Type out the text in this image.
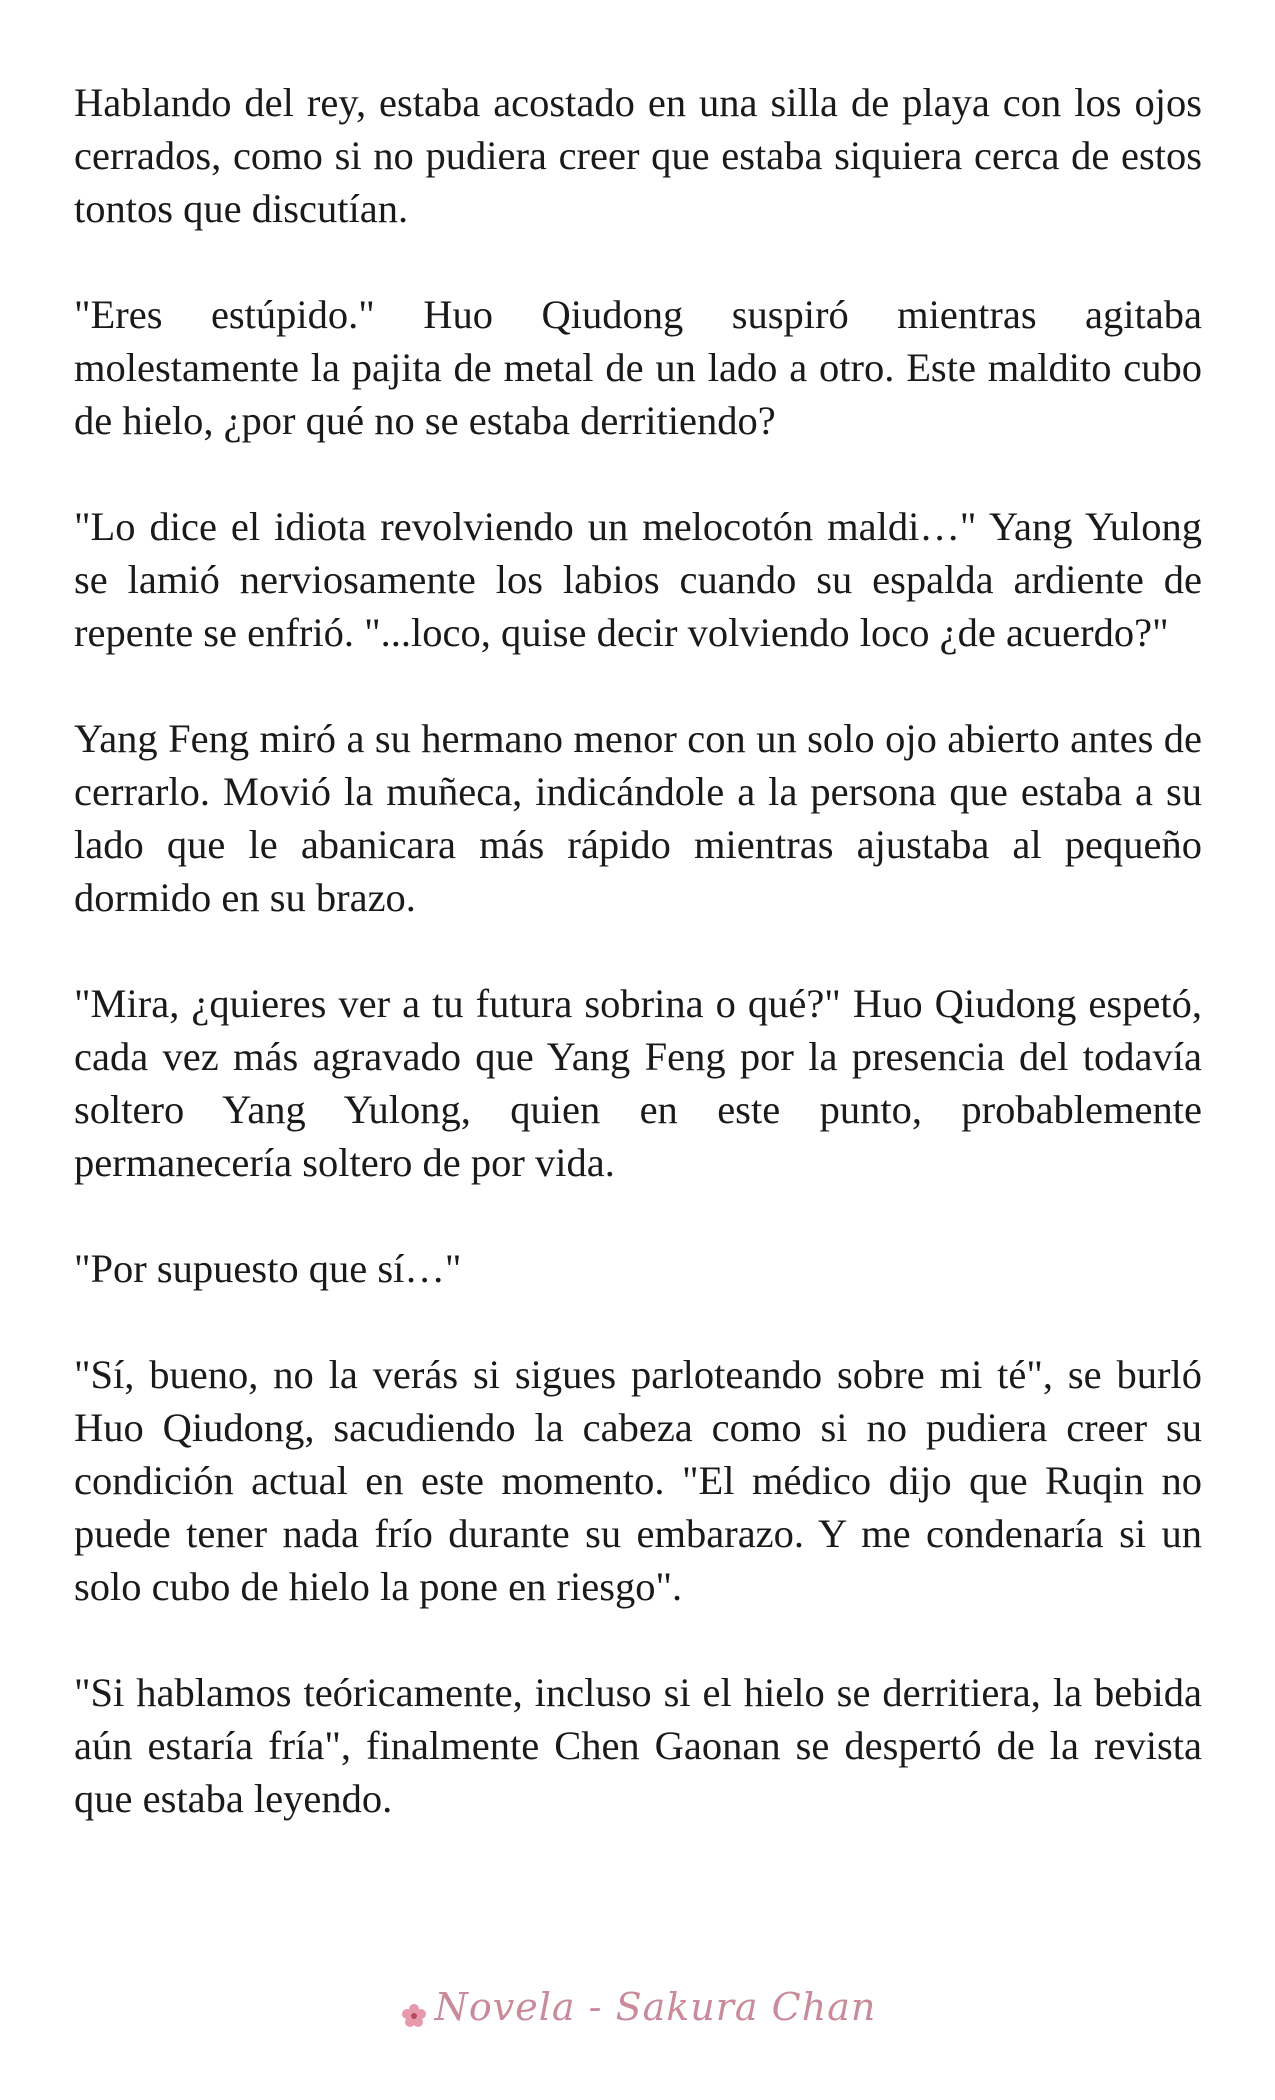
Hablando del rey, estaba acostado en una silla de playa con los ojos cerrados, como si no pudiera creer que estaba siquiera cerca de estos tontos que discutían.

"Eres estúpido." Huo Qiudong suspiró mientras agitaba molestamente la pajita de metal de un lado a otro. Este maldito cubo de hielo, ¿por qué no se estaba derritiendo?

"Lo dice el idiota revolviendo un melocotón maldi…" Yang Yulong se lamió nerviosamente los labios cuando su espalda ardiente de repente se enfrió. "...loco, quise decir volviendo loco ¿de acuerdo?"

Yang Feng miró a su hermano menor con un solo ojo abierto antes de cerrarlo. Movió la muñeca, indicándole a la persona que estaba a su lado que le abanicara más rápido mientras ajustaba al pequeño dormido en su brazo.

"Mira, ¿quieres ver a tu futura sobrina o qué?" Huo Qiudong espetó, cada vez más agravado que Yang Feng por la presencia del todavía soltero Yang Yulong, quien en este punto, probablemente permanecería soltero de por vida.

"Por supuesto que sí…"

"Sí, bueno, no la verás si sigues parloteando sobre mi té", se burló Huo Qiudong, sacudiendo la cabeza como si no pudiera creer su condición actual en este momento. "El médico dijo que Ruqin no puede tener nada frío durante su embarazo. Y me condenaría si un solo cubo de hielo la pone en riesgo".

"Si hablamos teóricamente, incluso si el hielo se derritiera, la bebida aún estaría fría", finalmente Chen Gaonan se despertó de la revista que estaba leyendo.

Novela - Sakura Chan
